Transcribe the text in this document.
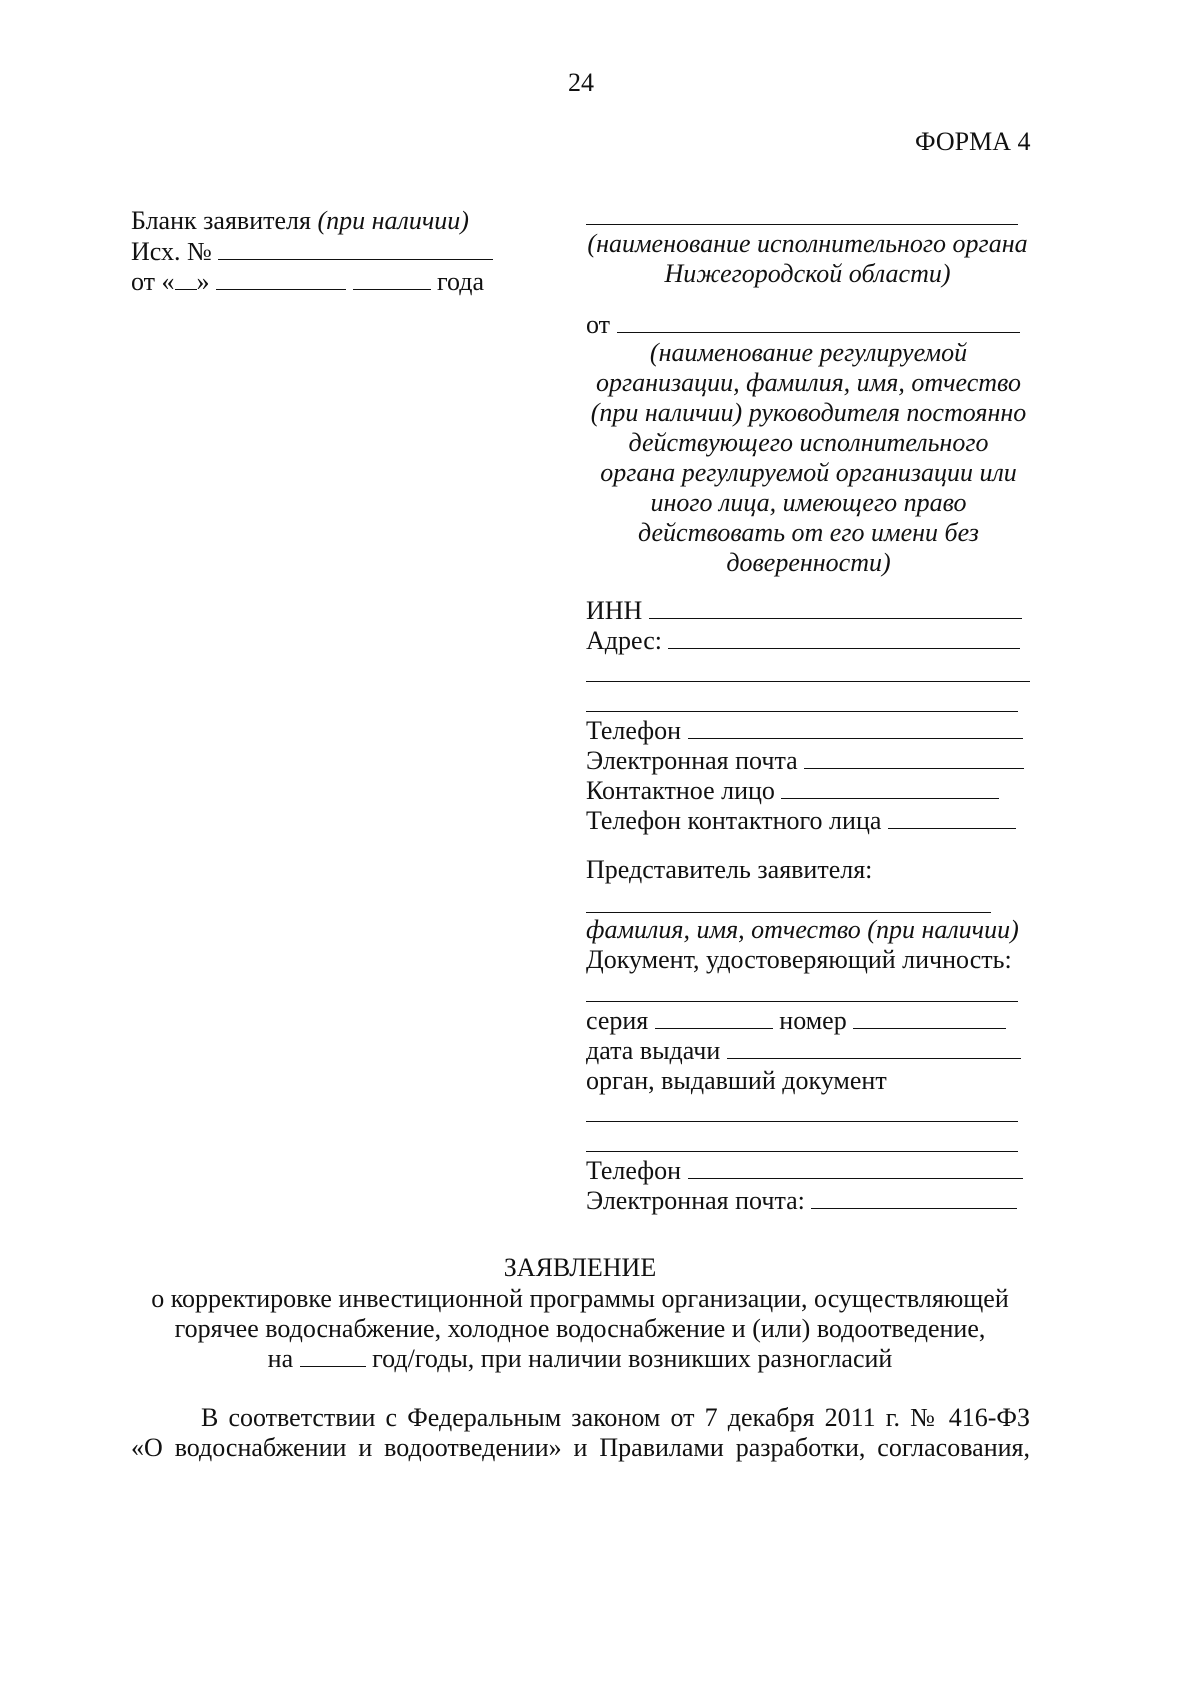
24
ФОРМА 4
Бланк заявителя (при наличии)
Исх. №
от « »	года
(наименование исполнительного органа
Нижегородской области)
от
(наименование регулируемой
организации, фамилия, имя, отчество
(при наличии) руководителя постоянно
действующего исполнительного
органа регулируемой организации или
иного лица, имеющего право
действовать от его имени без
доверенности)
ИНН
Адрес:
Телефон
Электронная почта
Контактное лицо
Телефон контактного лица
Представитель заявителя:
фамилия, имя, отчество (при наличии)
Документ, удостоверяющий личность:
серия	номер
дата выдачи
орган, выдавший документ
Телефон
Электронная почта:
ЗАЯВЛЕНИЕ
о корректировке инвестиционной программы организации, осуществляющей
горячее водоснабжение, холодное водоснабжение и (или) водоотведение,
на	год/годы, при наличии возникших разногласий
В соответствии с Федеральным законом от 7 декабря 2011 г. № 416-ФЗ
«О водоснабжении и водоотведении» и Правилами разработки, согласования,
